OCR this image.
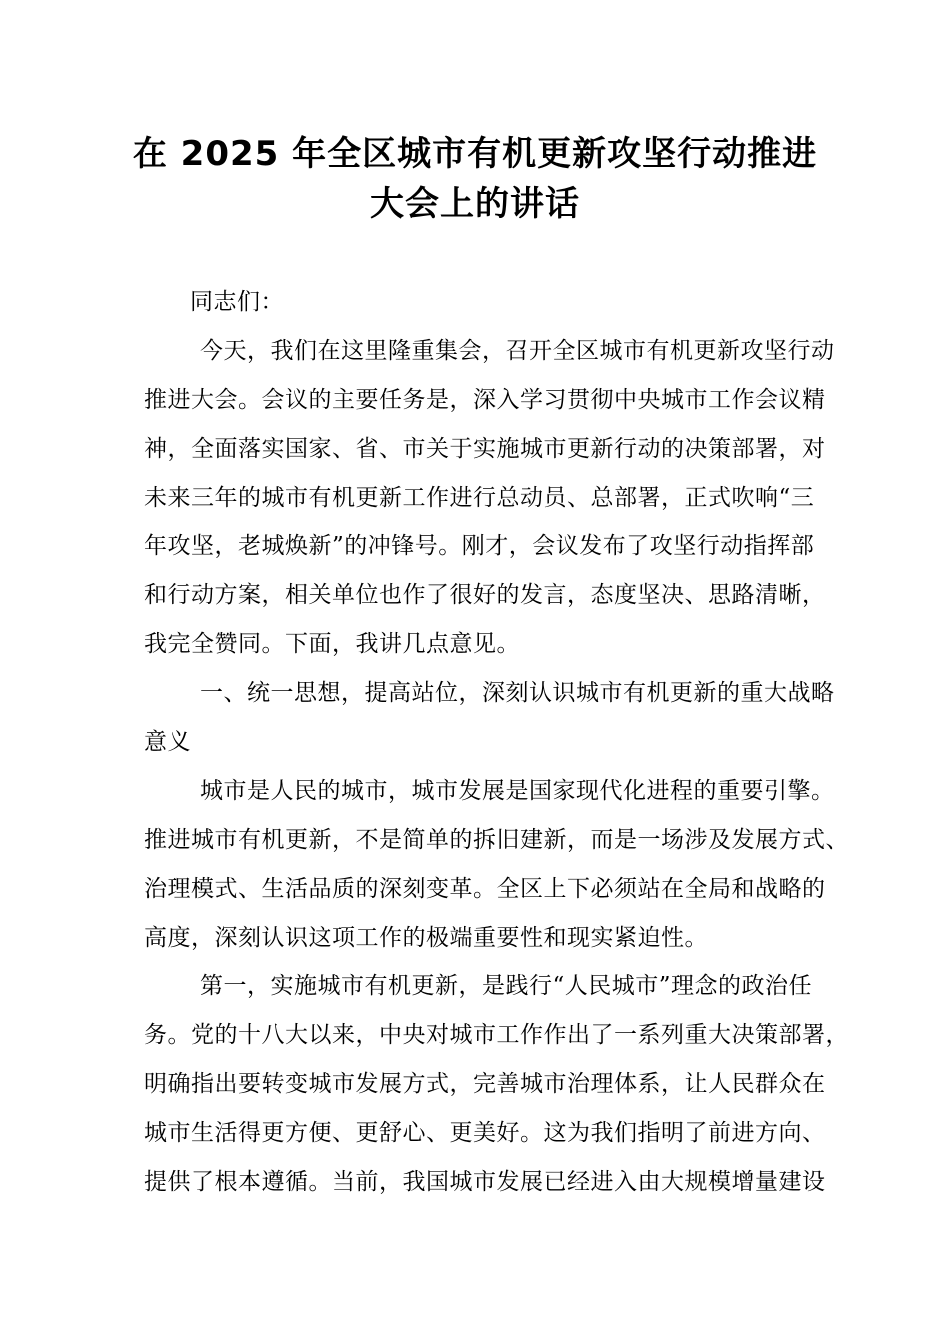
在 2025 年全区城市有机更新攻坚行动推进
大会上的讲话
同志们：
今天，我们在这里隆重集会，召开全区城市有机更新攻坚行动
推进大会。会议的主要任务是，深入学习贯彻中央城市工作会议精
神，全面落实国家、省、市关于实施城市更新行动的决策部署，对
未来三年的城市有机更新工作进行总动员、总部署，正式吹响“三
年攻坚，老城焕新”的冲锋号。刚才，会议发布了攻坚行动指挥部
和行动方案，相关单位也作了很好的发言，态度坚决、思路清晰，
我完全赞同。下面，我讲几点意见。
一、统一思想，提高站位，深刻认识城市有机更新的重大战略
意义
城市是人民的城市，城市发展是国家现代化进程的重要引擎。
推进城市有机更新，不是简单的拆旧建新，而是一场涉及发展方式、
治理模式、生活品质的深刻变革。全区上下必须站在全局和战略的
高度，深刻认识这项工作的极端重要性和现实紧迫性。
第一，实施城市有机更新，是践行“人民城市”理念的政治任
务。党的十八大以来，中央对城市工作作出了一系列重大决策部署，
明确指出要转变城市发展方式，完善城市治理体系，让人民群众在
城市生活得更方便、更舒心、更美好。这为我们指明了前进方向、
提供了根本遵循。当前，我国城市发展已经进入由大规模增量建设
